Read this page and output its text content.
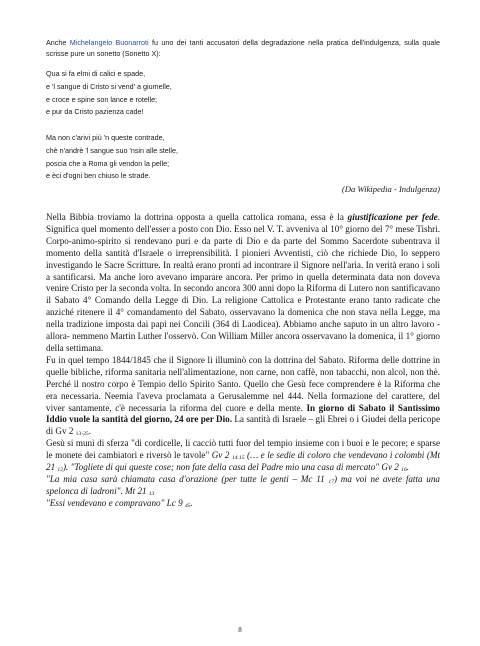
Anche Michelangelo Buonarroti fu uno dei tanti accusatori della degradazione nella pratica dell'indulgenza, sulla quale scrisse pure un sonetto (Sonetto X):
Qua si fa elmi di calici e spade,
e 'l sangue di Cristo si vend' a giumelle,
e croce e spine son lance e rotelle;
e pur da Cristo pazienza cade!
Ma non c'arivi più 'n queste contrade,
chè n'andrè 'l sangue suo 'nsin alle stelle,
poscia che a Roma gli vendon la pelle;
e èci d'ogni ben chiuso le strade.
(Da Wikipedia - Indulgenza)

Nella Bibbia troviamo la dottrina opposta a quella cattolica romana, essa è la giustificazione per fede. Significa quel momento dell'esser a posto con Dio. Esso nel V. T. avveniva al 10° giorno del 7° mese Tishri. Corpo-animo-spirito si rendevano puri e da parte di Dio e da parte del Sommo Sacerdote subentrava il momento della santità d'Israele o irreprensibilità. I pionieri Avventisti, ciò che richiede Dio, lo seppero investigando le Sacre Scritture. In realtà erano pronti ad incontrare il Signore nell'aria. In verità erano i soli a santificarsi. Ma anche loro avevano imparare ancora. Per primo in quella determinata data non doveva venire Cristo per la seconda volta. In secondo ancora 300 anni dopo la Riforma di Lutero non santificavano il Sabato 4° Comando della Legge di Dio. La religione Cattolica e Protestante erano tanto radicate che anziché ritenere il 4° comandamento del Sabato, osservavano la domenica che non stava nella Legge, ma nella tradizione imposta dai papi nei Concili (364 di Laodicea). Abbiamo anche saputo in un altro lavoro -allora- nemmeno Martin Luther l'osservò. Con William Miller ancora osservavano la domenica, il 1° giorno della settimana.

Fu in quel tempo 1844/1845 che il Signore li illuminò con la dottrina del Sabato. Riforma delle dottrine in quelle bibliche, riforma sanitaria nell'alimentazione, non carne, non caffè, non tabacchi, non alcol, non thè. Perché il nostro corpo è Tempio dello Spirito Santo. Quello che Gesù fece comprendere è la Riforma che era necessaria. Neemia l'aveva proclamata a Gerusalemme nel 444. Nella formazione del carattere, del viver santamente, c'è necessaria la riforma del cuore e della mente. In giorno di Sabato il Santissimo Iddio vuole la santità del giorno, 24 ore per Dio. La santità di Israele – gli Ebrei o i Giudei della pericope di Gv 2 $_{13-25}$.

Gesù si munì di sferza "di cordicelle, li cacciò tutti fuor del tempio insieme con i buoi e le pecore; e sparse le monete dei cambiatori e riversò le tavole" Gv 2 $_{14.15}$ (… e le sedie di coloro che vendevano i colombi (Mt 21 $_{12}$). "Togliete di qui queste cose; non fate della casa del Padre mio una casa di mercato" Gv 2 $_{16}$.

"La mia casa sarà chiamata casa d'orazione (per tutte le genti – Mc 11 $_{17}$) ma voi ne avete fatta una spelonca di ladroni". Mt 21 $_{13}$

"Essi vendevano e compravano" Lc 9 $_{45}$.

8
